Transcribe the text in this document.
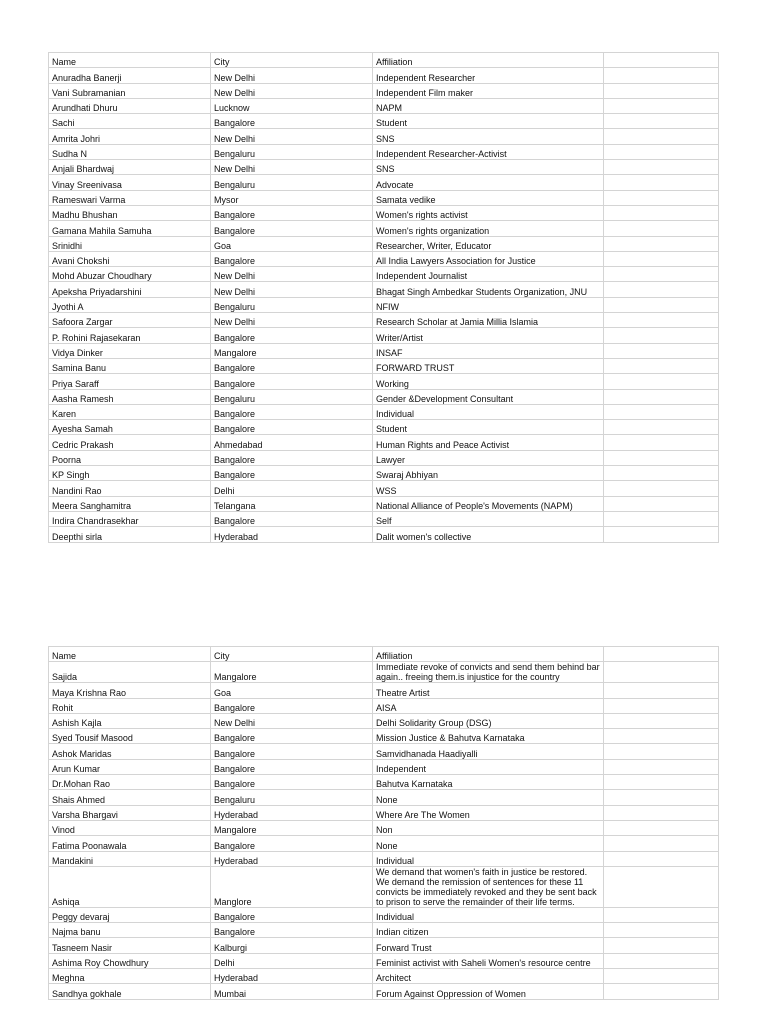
Name	City	Affiliation	
Anuradha Banerji	New Delhi	Independent Researcher	
Vani Subramanian	New Delhi	Independent Film maker	
Arundhati Dhuru	Lucknow	NAPM	
Sachi	Bangalore	Student	
Amrita Johri	New Delhi	SNS	
Sudha N	Bengaluru	Independent Researcher-Activist	
Anjali Bhardwaj	New Delhi	SNS	
Vinay Sreenivasa	Bengaluru	Advocate	
Rameswari Varma	Mysor	Samata vedike	
Madhu Bhushan	Bangalore	Women's rights activist	
Gamana Mahila Samuha	Bangalore	Women's rights organization	
Srinidhi	Goa	Researcher, Writer, Educator	
Avani Chokshi	Bangalore	All India Lawyers Association for Justice	
Mohd Abuzar Choudhary	New Delhi	Independent Journalist	
Apeksha Priyadarshini	New Delhi	Bhagat Singh Ambedkar Students Organization, JNU	
Jyothi A	Bengaluru	NFIW	
Safoora Zargar	New Delhi	Research Scholar at Jamia Millia Islamia	
P. Rohini Rajasekaran	Bangalore	Writer/Artist	
Vidya Dinker	Mangalore	INSAF	
Samina Banu	Bangalore	FORWARD TRUST	
Priya Saraff	Bangalore	Working	
Aasha Ramesh	Bengaluru	Gender &Development Consultant	
Karen	Bangalore	Individual	
Ayesha Samah	Bangalore	Student	
Cedric Prakash	Ahmedabad	Human Rights and Peace Activist	
Poorna	Bangalore	Lawyer	
KP Singh	Bangalore	Swaraj Abhiyan	
Nandini Rao	Delhi	WSS	
Meera Sanghamitra	Telangana	National Alliance of People's Movements (NAPM)	
Indira Chandrasekhar	Bangalore	Self	
Deepthi sirla	Hyderabad	Dalit women's collective	
Name	City	Affiliation	
Sajida	Mangalore	Immediate revoke of convicts and send them behind bar again.. freeing them.is injustice for the country	
Maya Krishna Rao	Goa	Theatre Artist	
Rohit	Bangalore	AISA	
Ashish Kajla	New Delhi	Delhi Solidarity Group (DSG)	
Syed Tousif Masood	Bangalore	Mission Justice & Bahutva Karnataka	
Ashok Maridas	Bangalore	Samvidhanada Haadiyalli	
Arun Kumar	Bangalore	Independent	
Dr.Mohan Rao	Bangalore	Bahutva Karnataka	
Shais Ahmed	Bengaluru	None	
Varsha Bhargavi	Hyderabad	Where Are The Women	
Vinod	Mangalore	Non	
Fatima Poonawala	Bangalore	None	
Mandakini	Hyderabad	Individual	
Ashiqa	Manglore	We demand that women's faith in justice be restored. We demand the remission of sentences for these 11 convicts be immediately revoked and they be sent back to prison to serve the remainder of their life terms.	
Peggy devaraj	Bangalore	Individual	
Najma banu	Bangalore	Indian citizen	
Tasneem Nasir	Kalburgi	Forward Trust	
Ashima Roy Chowdhury	Delhi	Feminist activist with Saheli Women's resource centre	
Meghna	Hyderabad	Architect	
Sandhya gokhale	Mumbai	Forum Against Oppression of Women	
